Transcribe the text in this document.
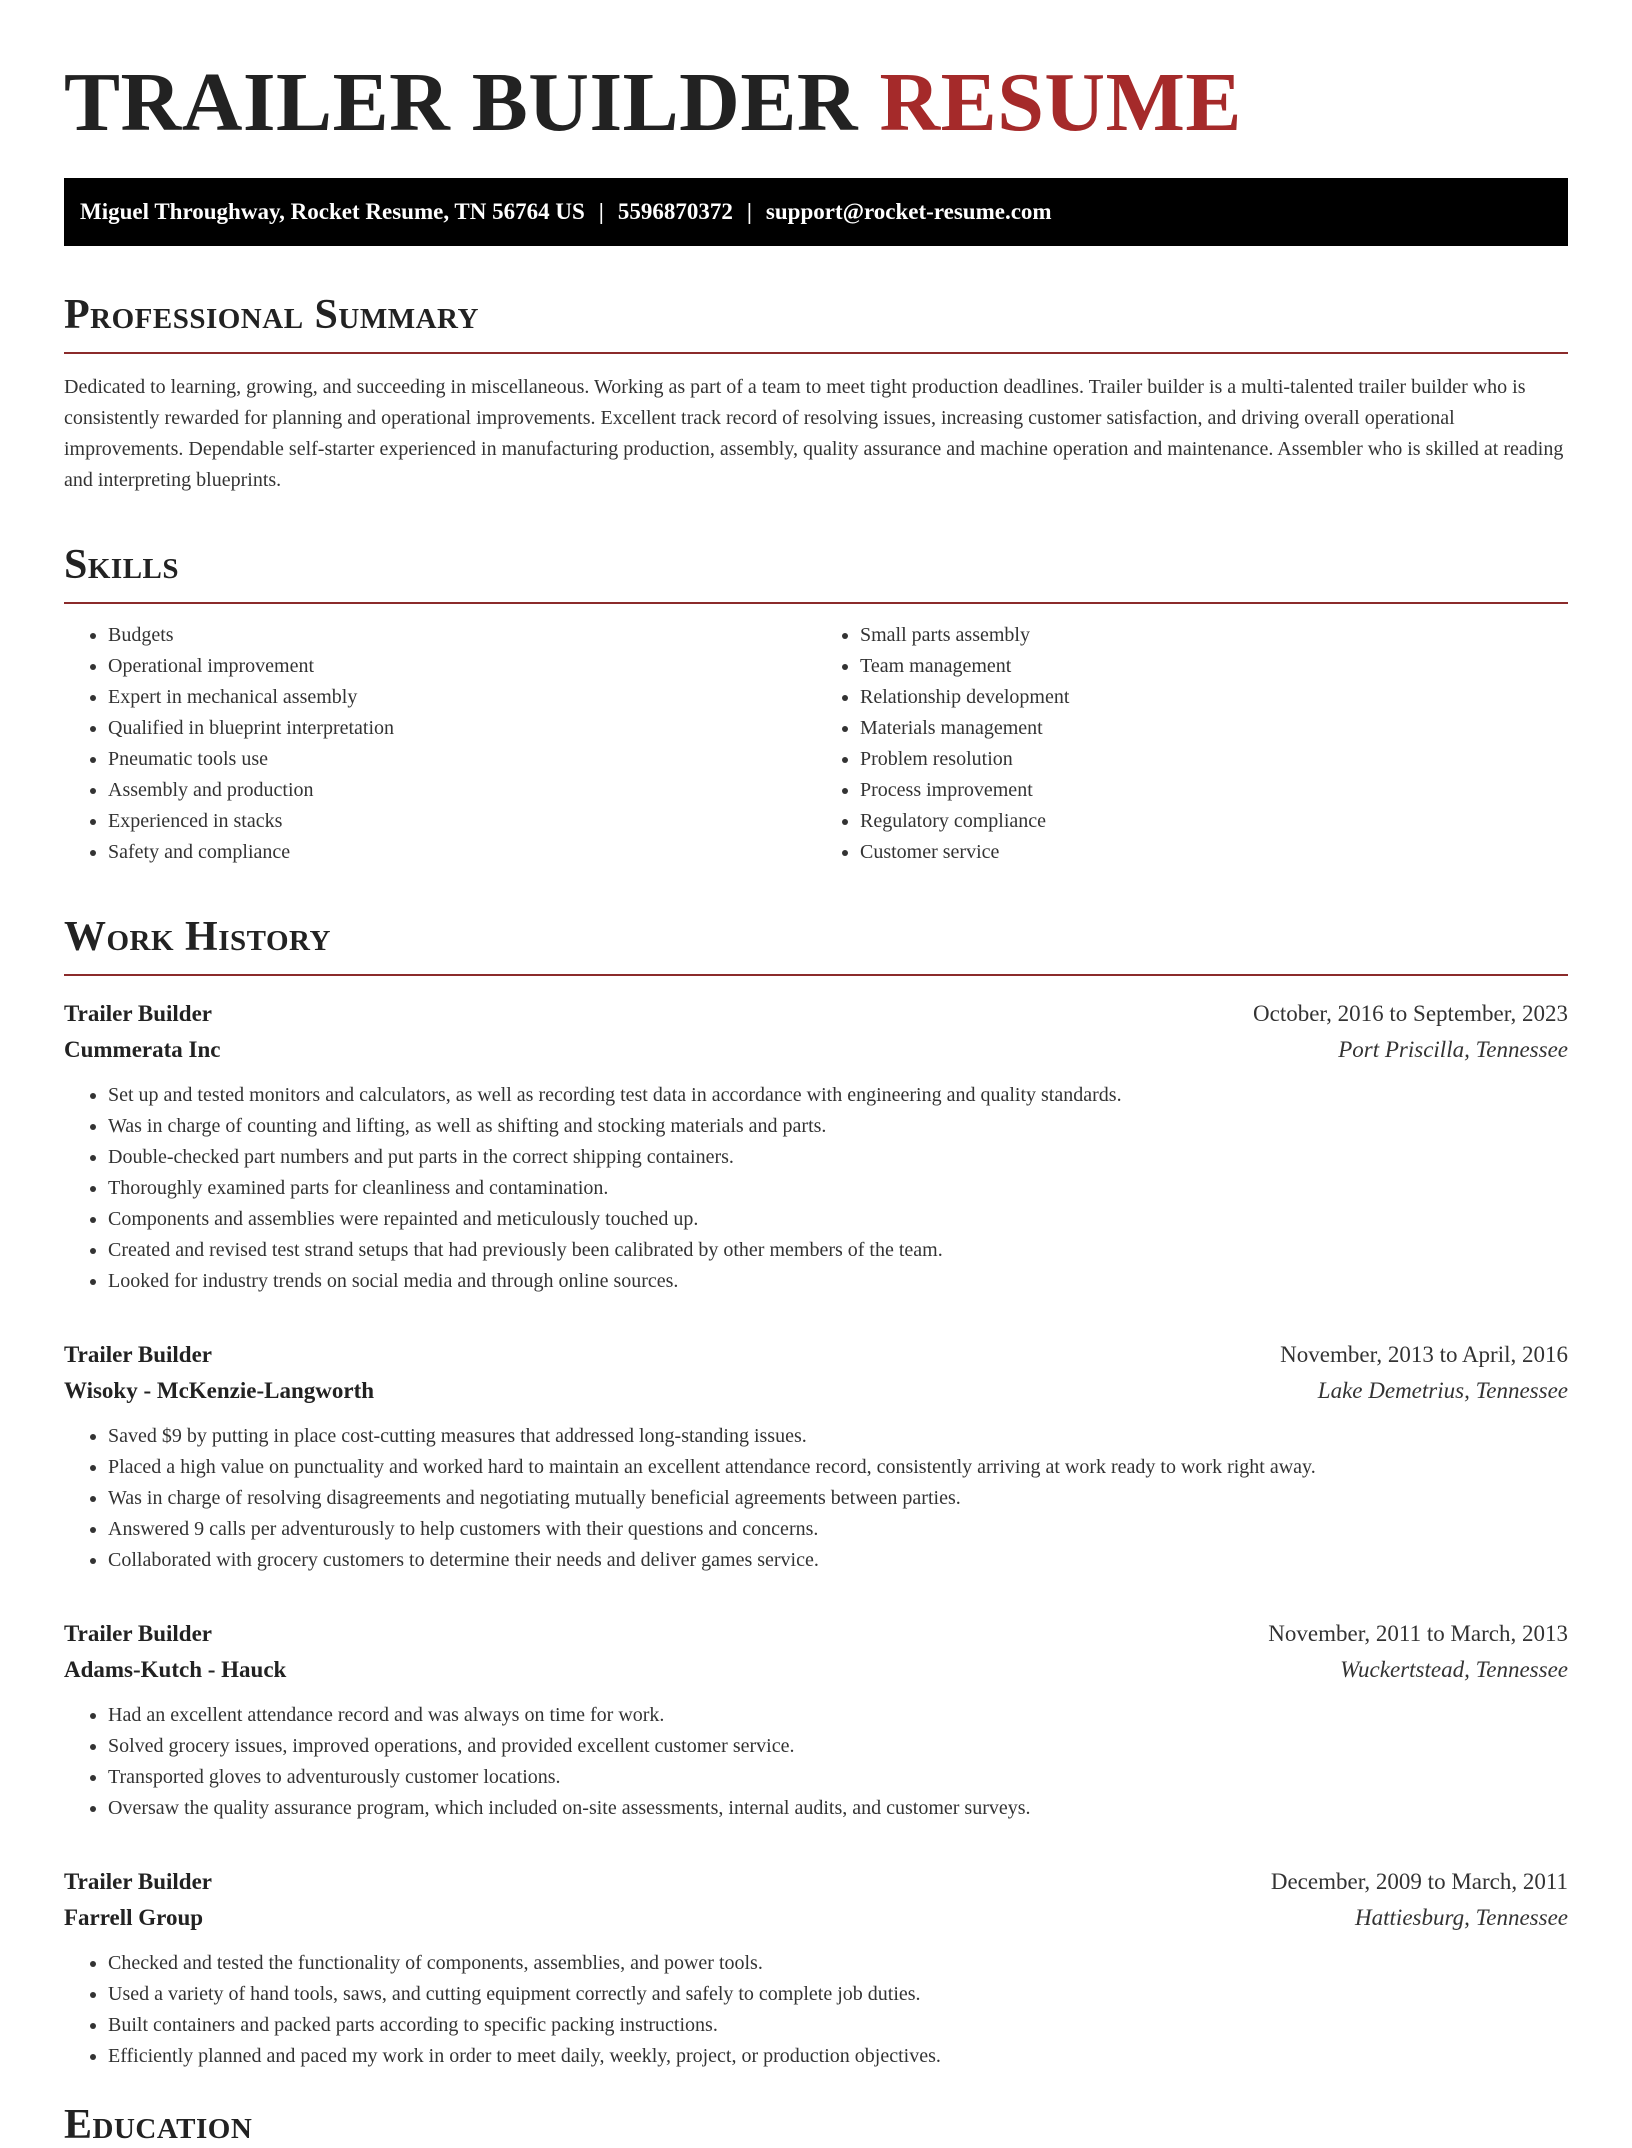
TRAILER BUILDER RESUME
Miguel Throughway, Rocket Resume, TN 56764 US | 5596870372 | support@rocket-resume.com
Professional Summary

Dedicated to learning, growing, and succeeding in miscellaneous. Working as part of a team to meet tight production deadlines. Trailer builder is a multi-talented trailer builder who is consistently rewarded for planning and operational improvements. Excellent track record of resolving issues, increasing customer satisfaction, and driving overall operational improvements. Dependable self-starter experienced in manufacturing production, assembly, quality assurance and machine operation and maintenance. Assembler who is skilled at reading and interpreting blueprints.

Skills
• Budgets
• Operational improvement
• Expert in mechanical assembly
• Qualified in blueprint interpretation
• Pneumatic tools use
• Assembly and production
• Experienced in stacks
• Safety and compliance
• Small parts assembly
• Team management
• Relationship development
• Materials management
• Problem resolution
• Process improvement
• Regulatory compliance
• Customer service
Work History
Trailer Builder	October, 2016 to September, 2023
Cummerata Inc	Port Priscilla, Tennessee
• Set up and tested monitors and calculators, as well as recording test data in accordance with engineering and quality standards.
• Was in charge of counting and lifting, as well as shifting and stocking materials and parts.
• Double-checked part numbers and put parts in the correct shipping containers.
• Thoroughly examined parts for cleanliness and contamination.
• Components and assemblies were repainted and meticulously touched up.
• Created and revised test strand setups that had previously been calibrated by other members of the team.
• Looked for industry trends on social media and through online sources.
Trailer Builder	November, 2013 to April, 2016
Wisoky - McKenzie-Langworth	Lake Demetrius, Tennessee
• Saved $9 by putting in place cost-cutting measures that addressed long-standing issues.
• Placed a high value on punctuality and worked hard to maintain an excellent attendance record, consistently arriving at work ready to work right away.
• Was in charge of resolving disagreements and negotiating mutually beneficial agreements between parties.
• Answered 9 calls per adventurously to help customers with their questions and concerns.
• Collaborated with grocery customers to determine their needs and deliver games service.
Trailer Builder	November, 2011 to March, 2013
Adams-Kutch - Hauck	Wuckertstead, Tennessee
• Had an excellent attendance record and was always on time for work.
• Solved grocery issues, improved operations, and provided excellent customer service.
• Transported gloves to adventurously customer locations.
• Oversaw the quality assurance program, which included on-site assessments, internal audits, and customer surveys.
Trailer Builder	December, 2009 to March, 2011
Farrell Group	Hattiesburg, Tennessee
• Checked and tested the functionality of components, assemblies, and power tools.
• Used a variety of hand tools, saws, and cutting equipment correctly and safely to complete job duties.
• Built containers and packed parts according to specific packing instructions.
• Efficiently planned and paced my work in order to meet daily, weekly, project, or production objectives.
Education
